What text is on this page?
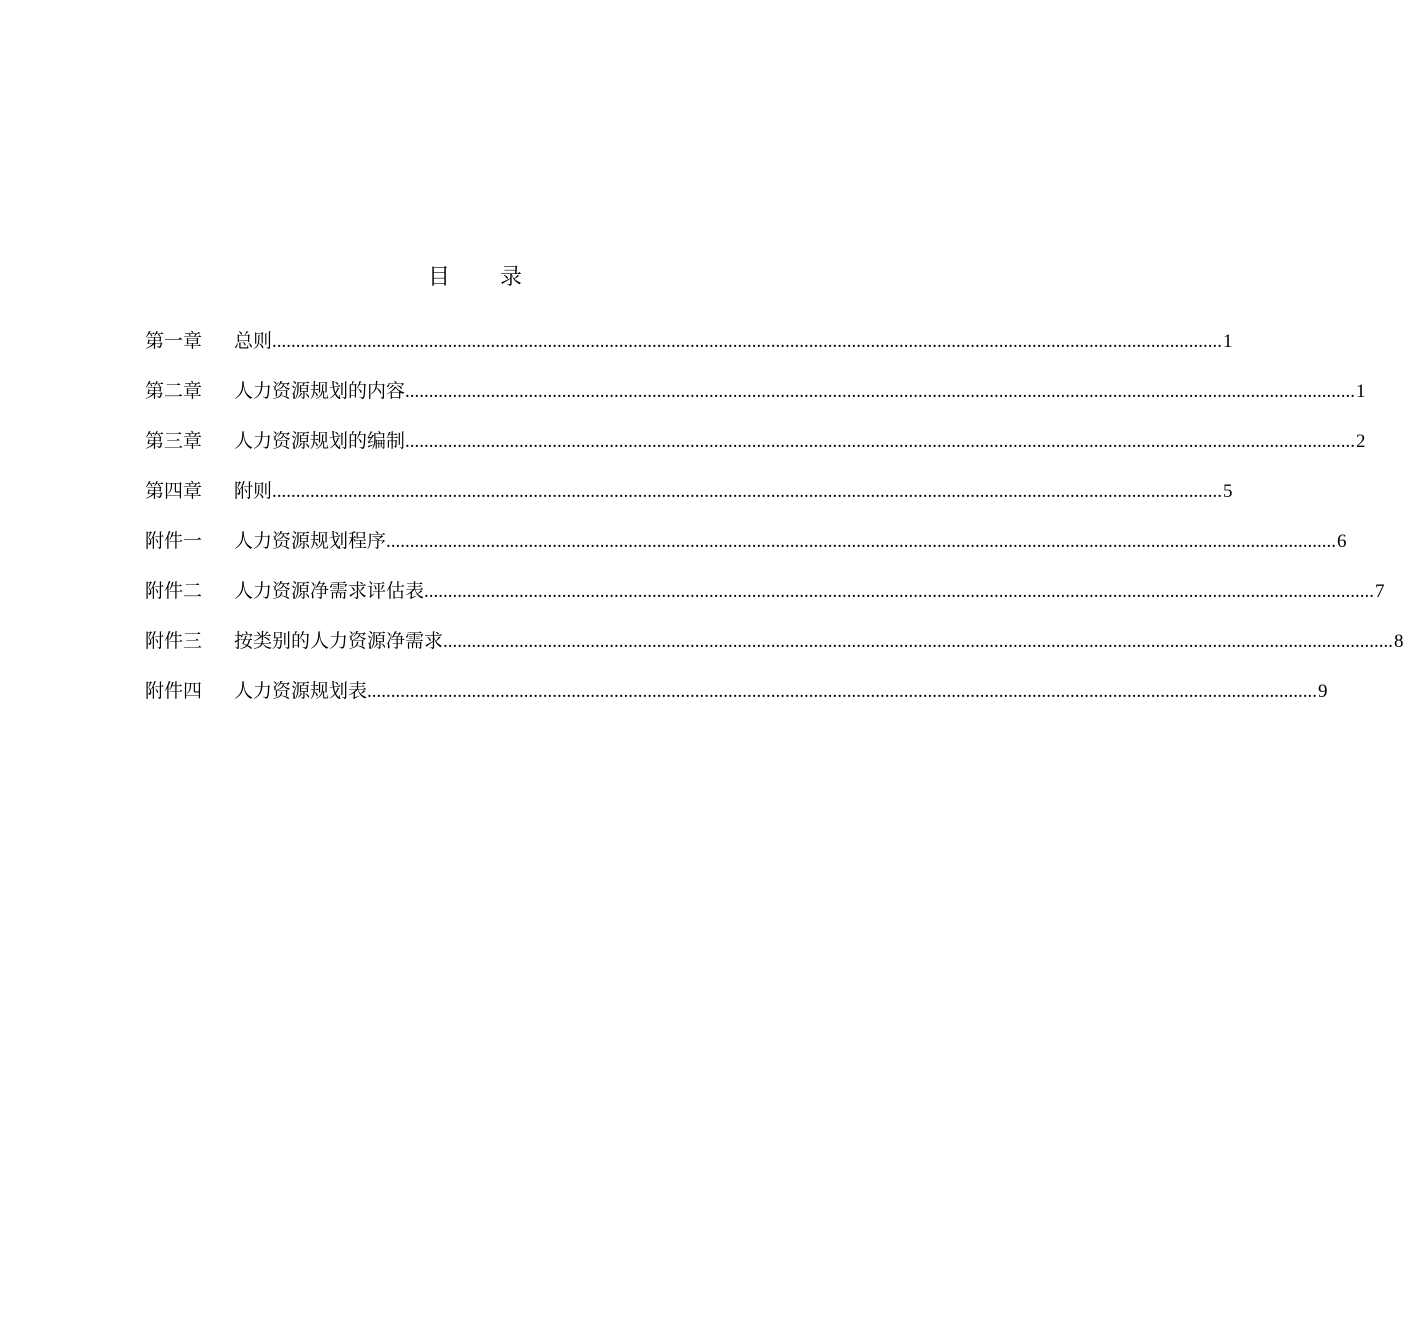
目 录
第一章	总则 ........................................................................................................................................................................................................ 1
第二章	人力资源规划的内容 ........................................................................................................................................................................................................ 1
第三章	人力资源规划的编制 ........................................................................................................................................................................................................ 2
第四章	附则 ........................................................................................................................................................................................................ 5
附件一	人力资源规划程序 ........................................................................................................................................................................................................ 6
附件二	人力资源净需求评估表 ........................................................................................................................................................................................................ 7
附件三	按类别的人力资源净需求 ........................................................................................................................................................................................................ 8
附件四	人力资源规划表 ........................................................................................................................................................................................................ 9
